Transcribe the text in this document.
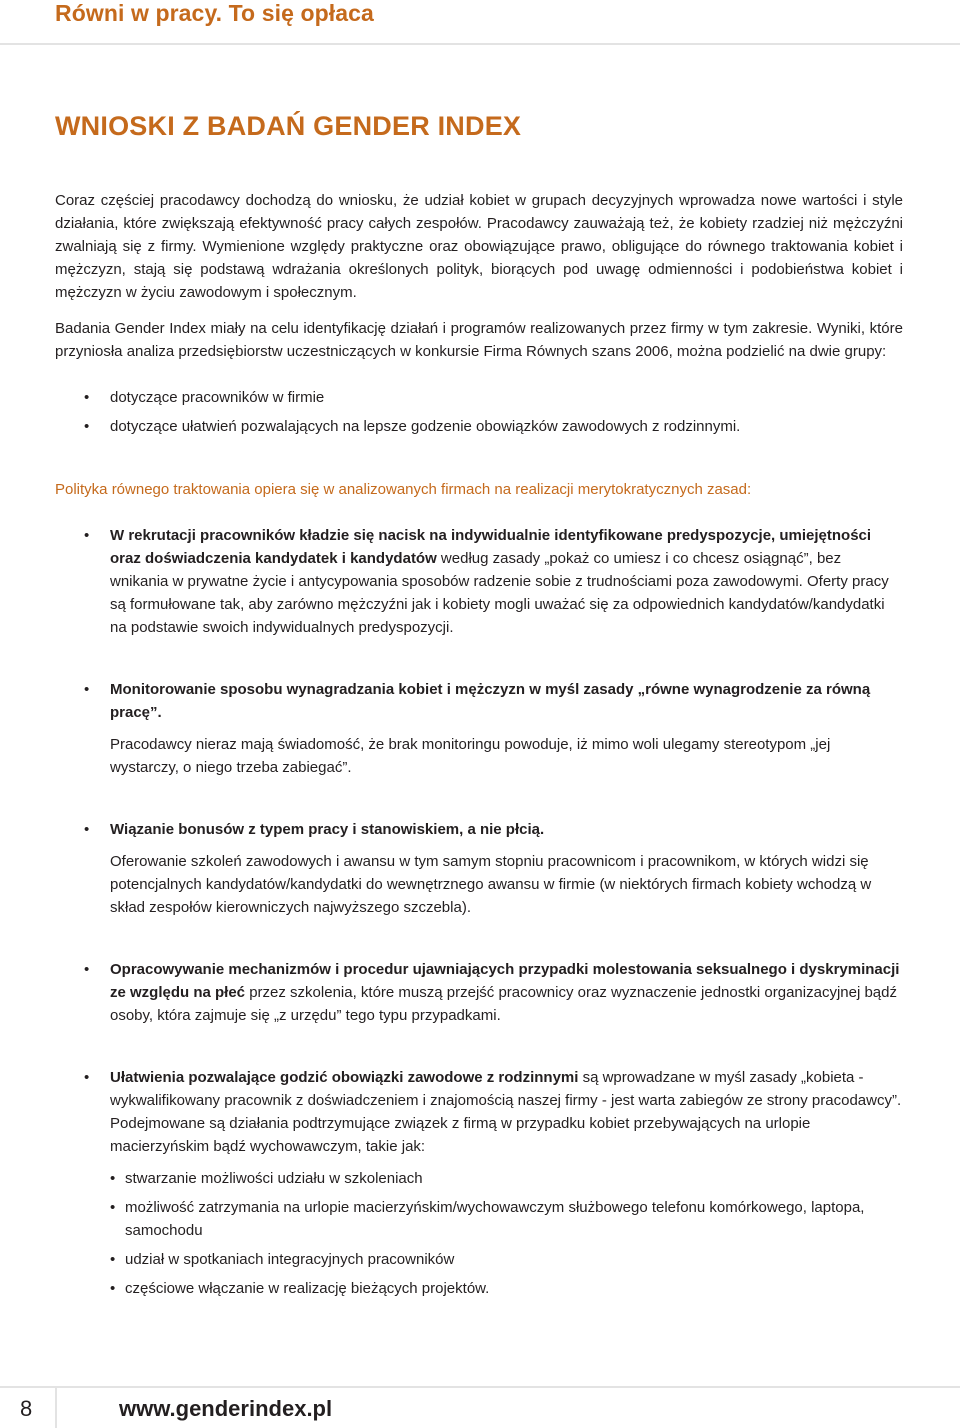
Równi w pracy. To się opłaca
WNIOSKI Z BADAŃ GENDER INDEX

Coraz częściej pracodawcy dochodzą do wniosku, że udział kobiet w grupach decyzyjnych wprowadza nowe wartości i style działania, które zwiększają efektywność pracy całych zespołów. Pracodawcy zauważają też, że kobiety rzadziej niż mężczyźni zwalniają się z firmy. Wymienione względy praktyczne oraz obowiązujące prawo, obligujące do równego traktowania kobiet i mężczyzn, stają się podstawą wdrażania określonych polityk, biorących pod uwagę odmienności i podobieństwa kobiet i mężczyzn w życiu zawodowym i społecznym.

Badania Gender Index miały na celu identyfikację działań i programów realizowanych przez firmy w tym zakresie. Wyniki, które przyniosła analiza przedsiębiorstw uczestniczących w konkursie Firma Równych szans 2006, można podzielić na dwie grupy:

• dotyczące pracowników w firmie
• dotyczące ułatwień pozwalających na lepsze godzenie obowiązków zawodowych z rodzinnymi.

Polityka równego traktowania opiera się w analizowanych firmach na realizacji merytokratycznych zasad:

• W rekrutacji pracowników kładzie się nacisk na indywidualnie identyfikowane predyspozycje, umiejętności oraz doświadczenia kandydatek i kandydatów według zasady „pokaż co umiesz i co chcesz osiągnąć”, bez wnikania w prywatne życie i antycypowania sposobów radzenie sobie z trudnościami poza zawodowymi. Oferty pracy są formułowane tak, aby zarówno mężczyźni jak i kobiety mogli uważać się za odpowiednich kandydatów/kandydatki na podstawie swoich indywidualnych predyspozycji.

• Monitorowanie sposobu wynagradzania kobiet i mężczyzn w myśl zasady „równe wynagrodzenie za równą pracę”.

Pracodawcy nieraz mają świadomość, że brak monitoringu powoduje, iż mimo woli ulegamy stereotypom „jej wystarczy, o niego trzeba zabiegać”.

• Wiązanie bonusów z typem pracy i stanowiskiem, a nie płcią.

Oferowanie szkoleń zawodowych i awansu w tym samym stopniu pracownicom i pracownikom, w których widzi się potencjalnych kandydatów/kandydatki do wewnętrznego awansu w firmie (w niektórych firmach kobiety wchodzą w skład zespołów kierowniczych najwyższego szczebla).

• Opracowywanie mechanizmów i procedur ujawniających przypadki molestowania seksualnego i dyskryminacji ze względu na płeć przez szkolenia, które muszą przejść pracownicy oraz wyznaczenie jednostki organizacyjnej bądź osoby, która zajmuje się „z urzędu” tego typu przypadkami.

• Ułatwienia pozwalające godzić obowiązki zawodowe z rodzinnymi są wprowadzane w myśl zasady „kobieta - wykwalifikowany pracownik z doświadczeniem i znajomością naszej firmy - jest warta zabiegów ze strony pracodawcy”. Podejmowane są działania podtrzymujące związek z firmą w przypadku kobiet przebywających na urlopie macierzyńskim bądź wychowawczym, takie jak:

• stwarzanie możliwości udziału w szkoleniach
• możliwość zatrzymania na urlopie macierzyńskim/wychowawczym służbowego telefonu komórkowego, laptopa, samochodu
• udział w spotkaniach integracyjnych pracowników
• częściowe włączanie w realizację bieżących projektów.
8	www.genderindex.pl
